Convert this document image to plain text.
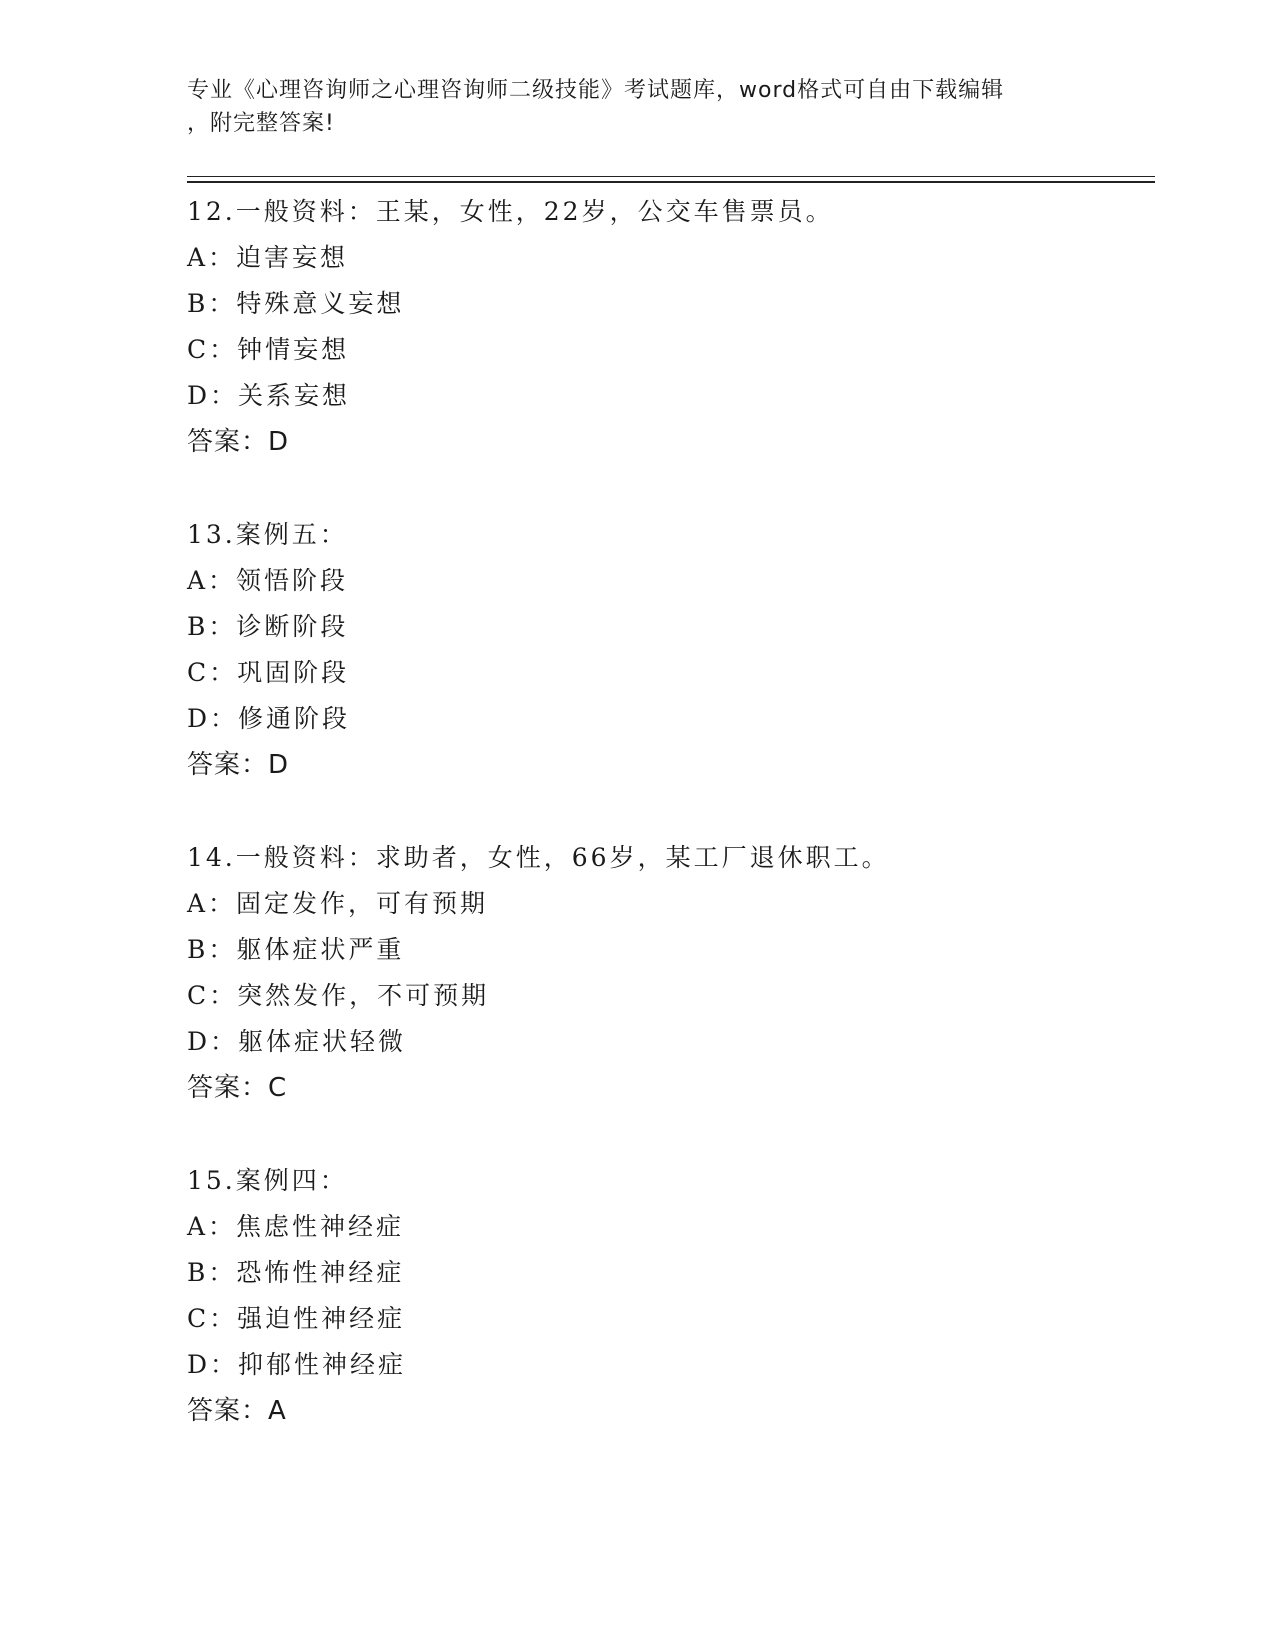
专业《心理咨询师之心理咨询师二级技能》考试题库，word格式可自由下载编辑

，附完整答案!

12.一般资料：王某，女性，22岁，公交车售票员。
A：迫害妄想
B：特殊意义妄想
C：钟情妄想
D：关系妄想
答案：D
13.案例五：
A：领悟阶段
B：诊断阶段
C：巩固阶段
D：修通阶段
答案：D
14.一般资料：求助者，女性，66岁，某工厂退休职工。
A：固定发作，可有预期
B：躯体症状严重
C：突然发作，不可预期
D：躯体症状轻微
答案：C
15.案例四：
A：焦虑性神经症
B：恐怖性神经症
C：强迫性神经症
D：抑郁性神经症
答案：A
